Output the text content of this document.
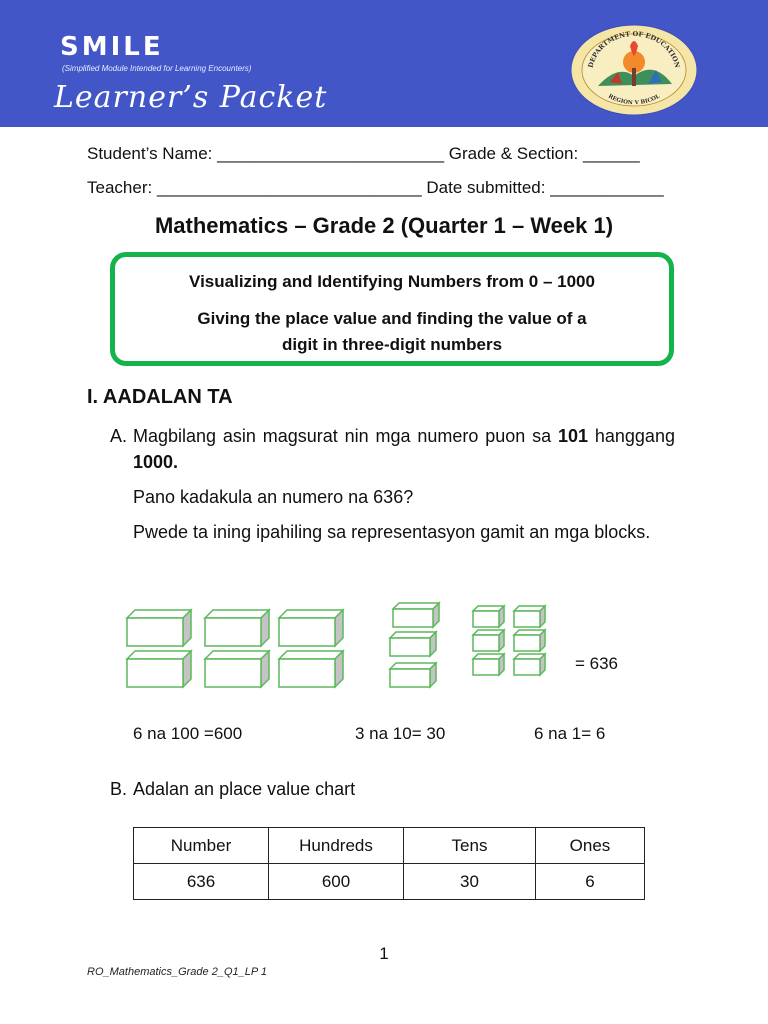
SMILE
(Simplified Module Intended for Learning Encounters)
Learner’s Packet
DEPARTMENT OF EDUCATION
REGION V BICOL
Student’s Name: ________________________ Grade & Section: ______
Teacher: ____________________________ Date submitted: ____________
Mathematics – Grade 2 (Quarter 1 – Week 1)
Visualizing and Identifying Numbers from 0 – 1000
Giving the place value and finding the value of a
digit in three-digit numbers
I. AADALAN TA
A. Magbilang asin magsurat nin mga numero puon sa 101 hanggang 1000.
Pano kadakula an numero na 636?
Pwede ta ining ipahiling sa representasyon gamit an mga blocks.
= 636
6 na 100 =600	3 na 10= 30	6 na 1= 6
B. Adalan an place value chart
Number	Hundreds	Tens	Ones
636	600	30	6
1
RO_Mathematics_Grade 2_Q1_LP 1
